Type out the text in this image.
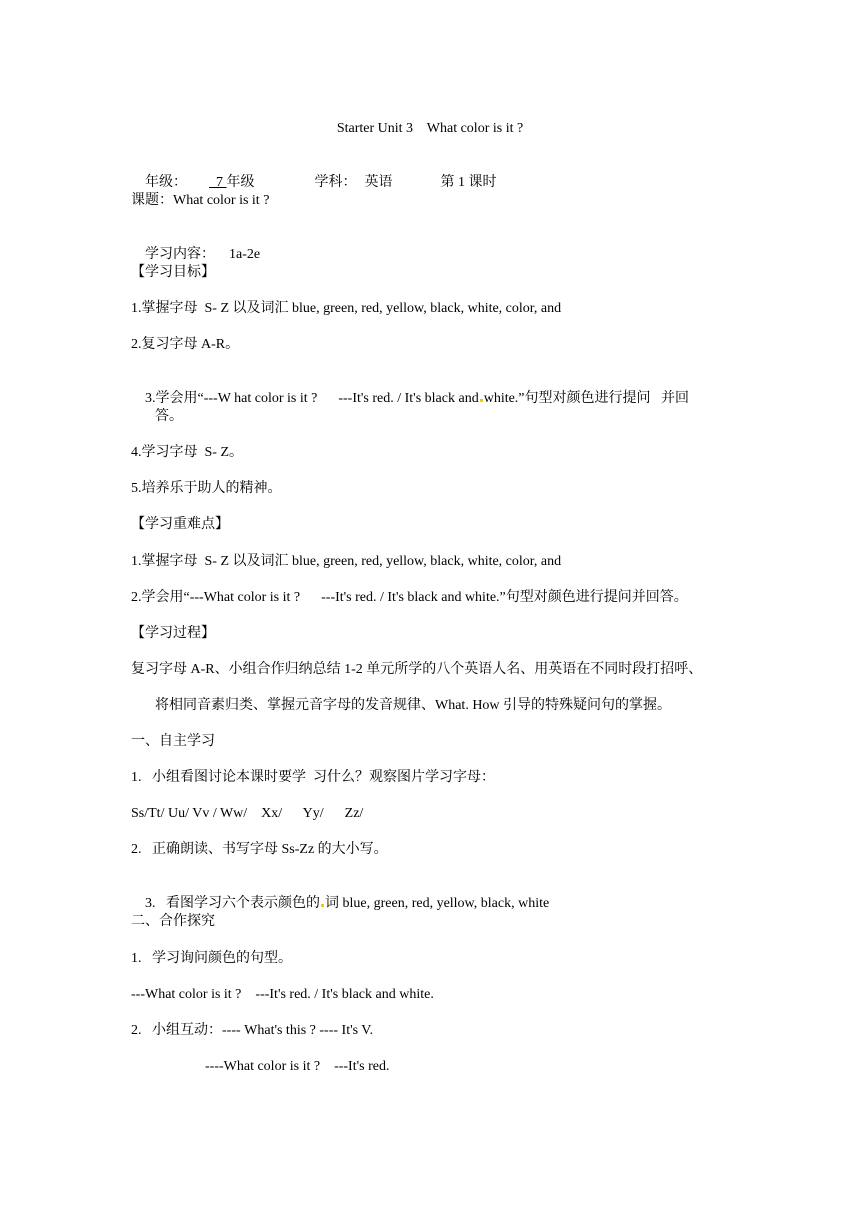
Starter Unit 3    What color is it ?

年级： 7 年级	学科： 英语	第 1 课时

课题：What color is it ?

学习内容： 1a-2e

【学习目标】
1.掌握字母  S- Z 以及词汇 blue, green, red, yellow, black, white, color, and
2.复习字母 A-R。

3.学会用“---W hat color is it ?      ---It's red. / It's black and white.”句型对颜色进行提问   并回

答。
4.学习字母  S- Z。
5.培养乐于助人的精神。
【学习重难点】
1.掌握字母  S- Z 以及词汇 blue, green, red, yellow, black, white, color, and
2.学会用“---What color is it ?      ---It's red. / It's black and white.”句型对颜色进行提问并回答。
【学习过程】
复习字母 A-R、小组合作归纳总结 1-2 单元所学的八个英语人名、用英语在不同时段打招呼、
将相同音素归类、掌握元音字母的发音规律、What. How 引导的特殊疑问句的掌握。
一、自主学习
1.   小组看图讨论本课时要学  习什么？观察图片学习字母：
Ss/Tt/ Uu/ Vv / Ww/    Xx/      Yy/      Zz/
2.   正确朗读、书写字母 Ss-Zz 的大小写。

3.   看图学习六个表示颜色的 词 blue, green, red, yellow, black, white

二、合作探究
1.   学习询问颜色的句型。
---What color is it ?    ---It's red. / It's black and white.
2.   小组互动：---- What's this ? ---- It's V.
----What color is it ?    ---It's red.
